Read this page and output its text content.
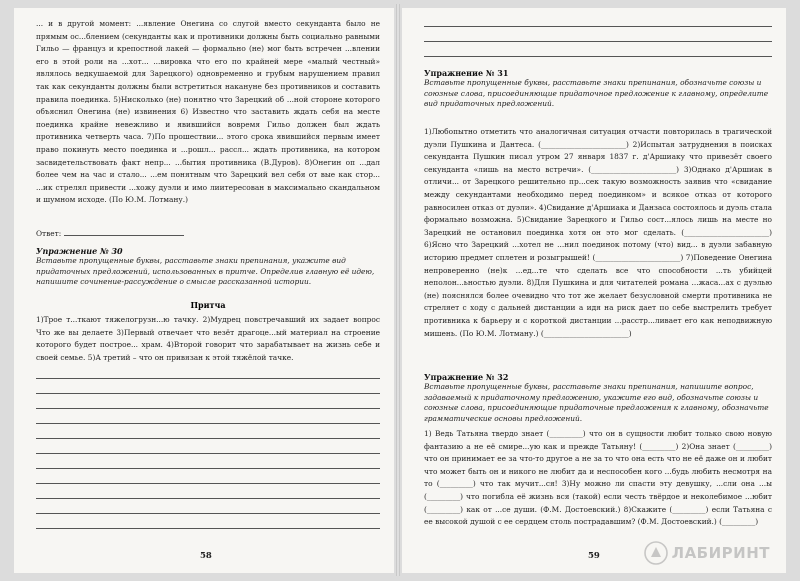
... и в другой момент: ...явление Онегина со слугой вместо секунданта было не прямым ос...блением (секунданты как и противники должны быть социально равными Гильо — француз и крепостной лакей — формально (не) мог быть встречен ...влении его в этой роли на ...хот... ...вировка что его по крайней мере «малый честный» являлось ведкушаемой для Зарецкого) одновременно и грубым нарушением правил так как секунданты должны были встретиться накануне без противников и составить правила поединка. 5)Нисколько (не) понятно что Зарецкий об ...ной стороне которого объяснил Онегина (не) извинения 6) Известно что заставить ждать себя на месте поединка крайне невежливо и явившийся вовремя Гильо должен был ждать противника четверть часа. 7)По прошествии... этого срока явившийся первым имеет право покинуть место поединка и ...рошл... рассл... ждать противника, на котором засвидетельствовать факт непр... ...бытия противника (В.Дуров). 8)Онегин оп ...дал более чем на час и стало... ...ем понятным что Зарецкий вел себя от вые как стор... ...ик стрелял привести ...хожу дуэли и имо лиитересован в максимально скандальном и шумном исходе. (По Ю.М. Лотману.)
Ответ:
Упражнение № 30
Вставьте пропущенные буквы, расставьте знаки препинания, укажите вид придаточных предложений, использованных в притче. Определив главную её идею, напишите сочинение-рассуждение о смысле рассказанной истории.
Притча
1)Трое т...ткают тяжелогрузн...ю тачку. 2)Мудрец повстречавший их задает вопрос Что же вы делаете 3)Первый отвечает что везёт драгоце...ый материал на строение которого будет построе... храм. 4)Второй говорит что зарабатывает на жизнь себе и своей семье. 5)А третий – что он привязан к этой тяжёлой тачке.
58
Упражнение № 31
Вставьте пропущенные буквы, расставьте знаки препинания, обозначьте союзы и союзные слова, присоединяющие придаточное предложение к главному, определите вид придаточных предложений.
1)Любопытно отметить что аналогичная ситуация отчасти повторилась в трагической дуэли Пушкина и Дантеса. (_______________________) 2)Испытая затруднения в поисках секунданта Пушкин писал утром 27 января 1837 г. д'Аршиаку что привезёт своего секунданта «лишь на место встречи». (_______________________) 3)Однако д'Аршиак в отличи... от Зарецкого решительно пр...сек такую возможность заявив что «свидание между секундантами необходимо перед поединком» и всякое отказ от которого равносилен отказ от дуэли». 4)Свидание д'Аршиака и Данзаса состоялось и дуэль стала формально возможна. 5)Свидание Зарецкого и Гильо сост...ялось лишь на месте но Зарецкий не остановил поединка хотя он это мог сделать. (_______________________) 6)Ясно что Зарецкий ...хотел не ...нил поединок потому (что) вид... в дуэли забавную историю предмет сплетен и розыгрышей! (_______________________) 7)Поведение Онегина непроверенно (не)к ...ед...те что сделать все что способности ...ть убийцей неполон...ьностью дуэли. 8)Для Пушкина и для читателей романа ...жаса...ах с дуэлью (не) пояснялся более очевидно что тот же желает безусловной смерти противника не стреляет с ходу с дальней дистанции а идя на риск дает по себе выстрелить требует противника к барьеру и с короткой дистанции ...расстр...ливает его как неподвижную мишень. (По Ю.М. Лотману.) (_______________________)
Упражнение № 32
Вставьте пропущенные буквы, расставьте знаки препинания, напишите вопрос, задаваемый к придаточному предложению, укажите его вид, обозначьте союзы и союзные слова, присоединяющие придаточные предложения к главному, обозначьте грамматические основы предложений.
1) Ведь Татьяна твердо знает (_________) что он в сущности любит только свою новую фантазию а не её смире...ую как и прежде Татьяну! (_________) 2)Она знает (_________) что он принимает ее за что-то другое а не за то что она есть что не её даже он и любит что может быть он и никого не любит да и неспособен кого ...будь любить несмотря на то (_________) что так мучит...ся! 3)Ну можно ли спасти эту девушку, ...сли она ...ы (_________) что погибла её жизнь вся (такой) если честь твёрдое и неколебимое ...юбит (_________) как от ...се души. (Ф.М. Достоевский.) 8)Скажите (_________) если Татьяна с ее высокой душой с ее сердцем столь пострадавшим? (Ф.М. Достоевский.) (_________)
59	ЛАБИРИНТ
